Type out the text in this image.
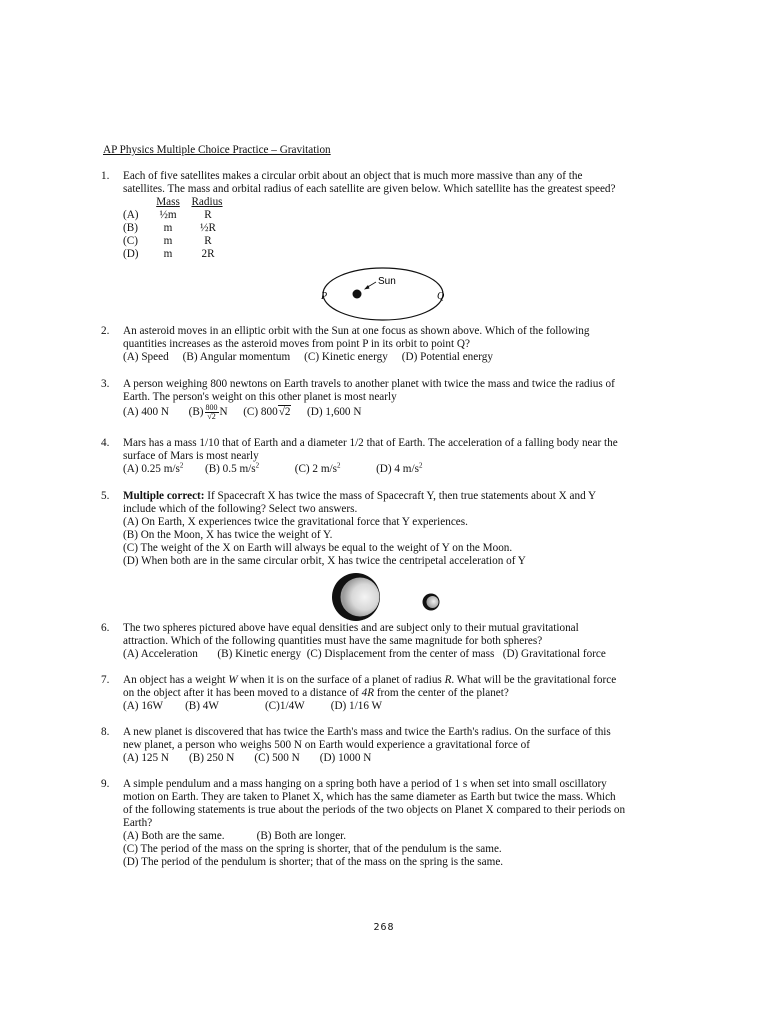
AP Physics Multiple Choice Practice – Gravitation
1. Each of five satellites makes a circular orbit about an object that is much more massive than any of the
satellites. The mass and orbital radius of each satellite are given below. Which satellite has the greatest speed?
Mass	Radius
(A) ½m	R
(B)	m	½R
(C)	m	R
(D)	m	2R
Sun
P	Q
2. An asteroid moves in an elliptic orbit with the Sun at one focus as shown above. Which of the following
quantities increases as the asteroid moves from point P in its orbit to point Q?
(A) Speed     (B) Angular momentum     (C) Kinetic energy     (D) Potential energy
3. A person weighing 800 newtons on Earth travels to another planet with twice the mass and twice the radius of
Earth. The person's weight on this other planet is most nearly
(A) 400 N $(B) \frac{800}{√2}$ N (C) 800√2 (D) 1,600 N
4. Mars has a mass 1/10 that of Earth and a diameter 1/2 that of Earth. The acceleration of a falling body near the
surface of Mars is most nearly
(A) 0.25 $m/s^2$ (B) 0.5 $m/s^2$	(C) 2 $m/s^2$	(D) 4 $m/s^2$
5. Multiple correct: If Spacecraft X has twice the mass of Spacecraft Y, then true statements about X and Y
include which of the following? Select two answers.
(A) On Earth, X experiences twice the gravitational force that Y experiences.
(B) On the Moon, X has twice the weight of Y.
(C) The weight of the X on Earth will always be equal to the weight of Y on the Moon.
(D) When both are in the same circular orbit, X has twice the centripetal acceleration of Y
6. The two spheres pictured above have equal densities and are subject only to their mutual gravitational
attraction. Which of the following quantities must have the same magnitude for both spheres?
(A) Acceleration       (B) Kinetic energy  (C) Displacement from the center of mass   (D) Gravitational force
7. An object has a weight W when it is on the surface of a planet of radius R. What will be the gravitational force
on the object after it has been moved to a distance of 4R from the center of the planet?
(A) 16W (B) 4W	(C)1/4W (D) 1/16 W
8. A new planet is discovered that has twice the Earth's mass and twice the Earth's radius. On the surface of this
new planet, a person who weighs 500 N on Earth would experience a gravitational force of
(A) 125 N (B) 250 N (C) 500 N (D) 1000 N
9. A simple pendulum and a mass hanging on a spring both have a period of 1 s when set into small oscillatory
motion on Earth. They are taken to Planet X, which has the same diameter as Earth but twice the mass. Which
of the following statements is true about the periods of the two objects on Planet X compared to their periods on
Earth?
(A) Both are the same.	(B) Both are longer.
(C) The period of the mass on the spring is shorter, that of the pendulum is the same.
(D) The period of the pendulum is shorter; that of the mass on the spring is the same.
268
